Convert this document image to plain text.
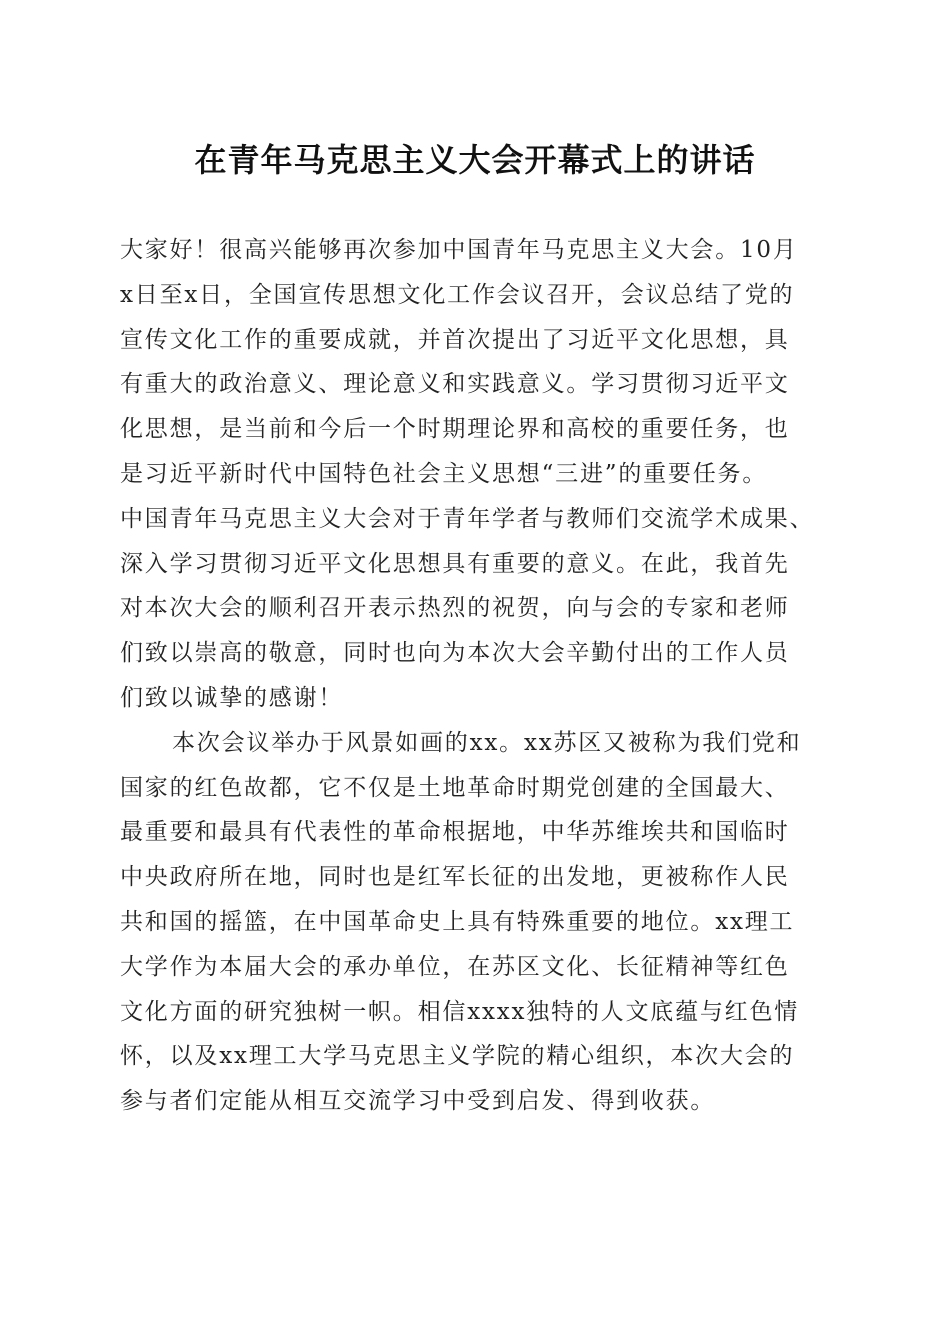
在青年马克思主义大会开幕式上的讲话
大家好！很高兴能够再次参加中国青年马克思主义大会。10月
x日至x日，全国宣传思想文化工作会议召开，会议总结了党的
宣传文化工作的重要成就，并首次提出了习近平文化思想，具
有重大的政治意义、理论意义和实践意义。学习贯彻习近平文
化思想，是当前和今后一个时期理论界和高校的重要任务，也
是习近平新时代中国特色社会主义思想“三进”的重要任务。
中国青年马克思主义大会对于青年学者与教师们交流学术成果、
深入学习贯彻习近平文化思想具有重要的意义。在此，我首先
对本次大会的顺利召开表示热烈的祝贺，向与会的专家和老师
们致以崇高的敬意，同时也向为本次大会辛勤付出的工作人员
们致以诚挚的感谢！
本次会议举办于风景如画的xx。xx苏区又被称为我们党和
国家的红色故都，它不仅是土地革命时期党创建的全国最大、
最重要和最具有代表性的革命根据地，中华苏维埃共和国临时
中央政府所在地，同时也是红军长征的出发地，更被称作人民
共和国的摇篮，在中国革命史上具有特殊重要的地位。xx理工
大学作为本届大会的承办单位，在苏区文化、长征精神等红色
文化方面的研究独树一帜。相信xxxx独特的人文底蕴与红色情
怀，以及xx理工大学马克思主义学院的精心组织，本次大会的
参与者们定能从相互交流学习中受到启发、得到收获。
